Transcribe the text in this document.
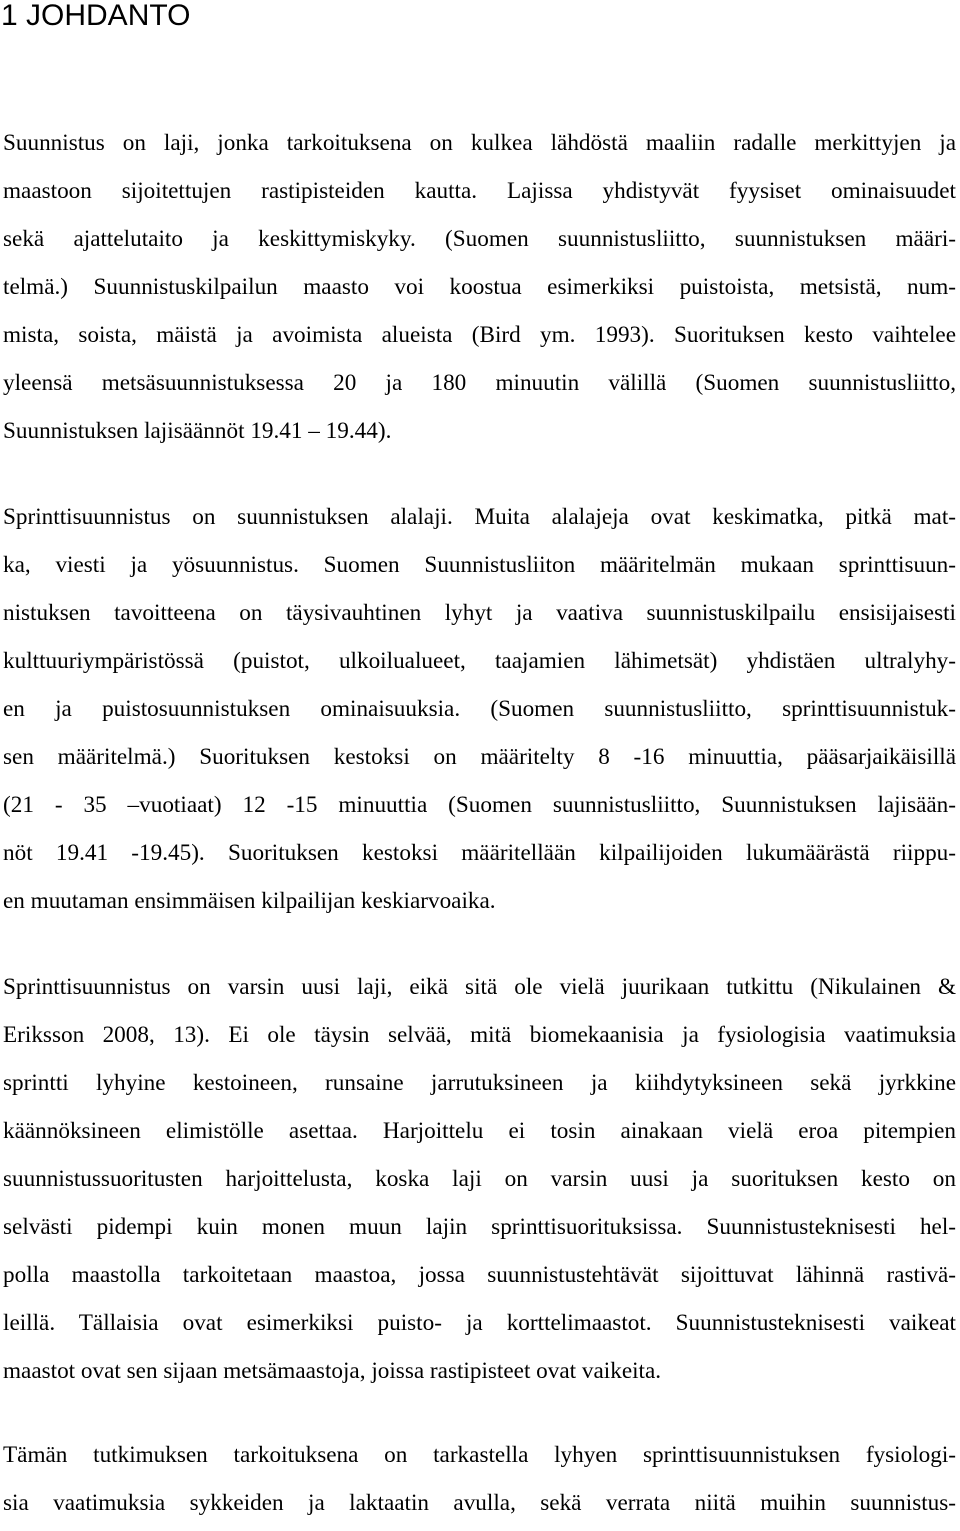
1 JOHDANTO
Suunnistus on laji, jonka tarkoituksena on kulkea lähdöstä maaliin radalle merkittyjen ja
maastoon sijoitettujen rastipisteiden kautta. Lajissa yhdistyvät fyysiset ominaisuudet
sekä ajattelutaito ja keskittymiskyky. (Suomen suunnistusliitto, suunnistuksen määri-
telmä.) Suunnistuskilpailun maasto voi koostua esimerkiksi puistoista, metsistä, num-
mista, soista, mäistä ja avoimista alueista (Bird ym. 1993). Suorituksen kesto vaihtelee
yleensä metsäsuunnistuksessa 20 ja 180 minuutin välillä (Suomen suunnistusliitto,
Suunnistuksen lajisäännöt 19.41 – 19.44).
Sprinttisuunnistus on suunnistuksen alalaji. Muita alalajeja ovat keskimatka, pitkä mat-
ka, viesti ja yösuunnistus. Suomen Suunnistusliiton määritelmän mukaan sprinttisuun-
nistuksen tavoitteena on täysivauhtinen lyhyt ja vaativa suunnistuskilpailu ensisijaisesti
kulttuuriympäristössä (puistot, ulkoilualueet, taajamien lähimetsät) yhdistäen ultralyhy-
en ja puistosuunnistuksen ominaisuuksia. (Suomen suunnistusliitto, sprinttisuunnistuk-
sen määritelmä.) Suorituksen kestoksi on määritelty 8 -16 minuuttia, pääsarjaikäisillä
(21 - 35 –vuotiaat) 12 -15 minuuttia (Suomen suunnistusliitto, Suunnistuksen lajisään-
nöt 19.41 -19.45). Suorituksen kestoksi määritellään kilpailijoiden lukumäärästä riippu-
en muutaman ensimmäisen kilpailijan keskiarvoaika.
Sprinttisuunnistus on varsin uusi laji, eikä sitä ole vielä juurikaan tutkittu (Nikulainen &
Eriksson 2008, 13). Ei ole täysin selvää, mitä biomekaanisia ja fysiologisia vaatimuksia
sprintti lyhyine kestoineen, runsaine jarrutuksineen ja kiihdytyksineen sekä jyrkkine
käännöksineen elimistölle asettaa. Harjoittelu ei tosin ainakaan vielä eroa pitempien
suunnistussuoritusten harjoittelusta, koska laji on varsin uusi ja suorituksen kesto on
selvästi pidempi kuin monen muun lajin sprinttisuorituksissa. Suunnistusteknisesti hel-
polla maastolla tarkoitetaan maastoa, jossa suunnistustehtävät sijoittuvat lähinnä rastivä-
leillä. Tällaisia ovat esimerkiksi puisto- ja korttelimaastot. Suunnistusteknisesti vaikeat
maastot ovat sen sijaan metsämaastoja, joissa rastipisteet ovat vaikeita.
Tämän tutkimuksen tarkoituksena on tarkastella lyhyen sprinttisuunnistuksen fysiologi-
sia vaatimuksia sykkeiden ja laktaatin avulla, sekä verrata niitä muihin suunnistus-
